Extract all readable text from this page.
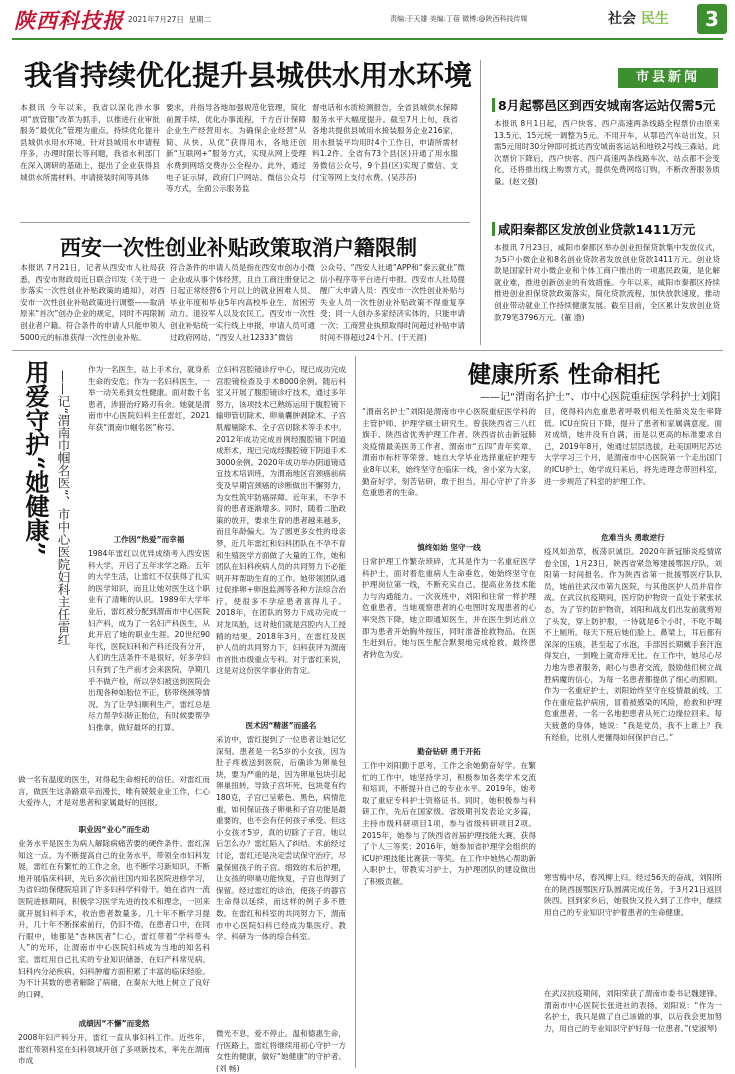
陕西科技报 2021年7月27日 星期二	责编:于天雄 美编:丁蓓 微博:@陕西科技传媒	社会 民生	3
我省持续优化提升县城供水用水环境
本报讯 今年以来，我省以深化涉水事项“放管服”改革为抓手，以推进行业审批服务“最优化”管理为重点，持续优化提升县城供水用水环境。针对县城用水申请程序多，办理时限长等问题，我省水利部门在深入调研的基础上，提出了企业获得县城供水所需材料、申请接装时间等具体
要求，并指导各地加强规范化管理，简化前置手续，优化办事流程，千方百计保障企业生产经营用水。为确保企业经营“从简、从快、从优”获得用水，各地还创新“互联网+”服务方式，实现从网上受理水费到网络交费办公全程办。此外，通过电子证示屏，政府门户网站、微信公众号等方式，全面公示服务监
督电话和水质检测报告，全省县城供水保障服务水平大幅度提升。截至7月上旬，我省各地共提供县城用水接装服务企业216家，用水报装平均用时4个工作日，申请所需材料1.2件。全省有73个县(区)开通了用水服务微信公众号，9个县(区)实现了微信、支付宝等网上支付水费。(吴莎莎)
市县新闻
8月起鄠邑区到西安城南客运站仅需5元
本报讯 8月1日起，西户快客、西户高速两条线路全程票价由原来13.5元、15元统一调整为5元。不用开车，从鄠邑汽车站出发，只需5元用时30分钟即可抵达西安城南客运站和地铁2号线三森站。此次票价下降后，西户快客、西户高速两条线路车次、站点都不会变化，还将推出线上购票方式，提供免费网络订购，不断改善服务质量。(赵文强)
咸阳秦都区发放创业贷款1411万元
本报讯 7月23日，咸阳市秦都区举办创业担保贷款集中发放仪式，为5户小微企业和8名创业贷款者发放创业贷款1411万元。创业贷款是国家针对小微企业和个体工商户推出的一项惠民政策，是化解就业难，推进创新创业的有效措施。今年以来，咸阳市秦都区持续推进创业担保贷款政策落实，简化贷款流程，加快放款速度，推动创业带动就业工作持续健康发展。截至目前，全区累计发放创业贷款79笔3796万元。(董 渤)
西安一次性创业补贴政策取消户籍限制
本报讯 7月21日，记者从西安市人社局获悉，西安市财政局近日联合印发《关于进一步落实一次性创业补贴政策的通知》，对西安市一次性创业补贴政策进行调整——取消原来“首次”创办企业的规定，同时不再限制创业者户籍。符合条件的申请人只能申领人5000元的标准获得一次性创业补贴。
符合条件的申请人员是指在西安市创办小微企业或从事个体经营，且自工商注册登记之日起正常经营6个月以上的就业困难人员、毕业年度和毕业5年内高校毕业生、贫困劳动力、退役军人以及农民工。西安市一次性创业补贴统一实行线上申报，申请人员可通过政府网站、“西安人社12333”微信
公众号、“西安人社通”APP和“秦云就业”微信小程序等平台进行申报。西安市人社局提醒广大申请人员：西安市一次性创业补贴与失业人员一次性创业补贴政策不得重复享受；同一人创办多家经济实体的，只能申请一次；工商营业执照取得时间超过补贴申请时间不得超过24个月。(于天涯)
用爱守护“她健康” ——记“渭南巾帼名医”、市中心医院妇科主任雷红
作为一名医生，站上手术台，就身系生命的安危；作为一名妇科医生，一举一动关系到女性健康。面对数千名患者，涉猎治疗路刃有余。她就是渭南市中心医院妇科主任雷红，2021年获“渭南巾帼名医”称号。
工作因“热爱”而幸福
1984年雷红以优异成绩考入西安医科大学，开启了五年求学之路。五年的大学生活，让雷红不仅获得了扎实的医学知识，而且让她对医生这个职业有了清晰的认识。1989年大学毕业后，雷红被分配到渭南市中心医院妇产科，成为了一名妇产科医生，从此开启了她的职业生涯。20世纪90年代，医院妇科和产科还没有分开，人们的生活条件不是很好，好多孕妇只有到了生产前才会来医院，孕期几乎不做产检，所以孕妇被送到医院会出现各种如胎位不正，脐带绕颈等情况。为了让孕妇顺利生产，雷红总是尽力帮孕妇矫正胎位，有时候要帮孕妇推拿，做好最坏的打算。
做一名有温度的医生，对得起生命相托的信任。对雷红而言，做医生这条路艰辛而漫长，唯有兢兢业业工作，仁心大爱待人，才是对患者和家属最好的回报。
职业因“业心”而生动
业务水平是医生为病人解除病痛苦要的硬件条件。雷红深知这一点。为不断提高自己的业务水平，带领全市妇科发展，雷红在有繁忙的工作之余，也不断学习新知识，不断地开展临床科研，先后多次前往国内知名医院进修学习，为省妇幼保健院培训了许多妇科学科骨干。她在省内一流医院进修期间，积极学习医学先进的技术和理念，一回来就开展妇科手术，收治患者数量多。几十年不断学习提升，几十年不断探索前行，仍旧不倦，在患者口中，在同行眼中，她都是“杏林医者”仁心，雷红带着“学科带头人”的光环，让渭南市中心医院妇科成为当地的知名科室。雷红用自己扎实的专业知识储备，在妇产科常见病、妇科内分泌疾病、妇科肿瘤方面积累了丰富的临床经验。为不计其数的患者解除了病痛，在秦东大地上树立了良好的口碑。
成绩因“不懈”而斐然
2008年妇产科分开，雷红一直从事妇科工作。近些年，雷红带领科室在妇科领域开创了多项新技术，率先在渭南市成
立妇科宫腔镜诊疗中心，现已成功完成宫腔镜检查及手术8000余例。随后科室又开展了腹腔镜诊疗技术，通过多年努力，该项技术已熟练运用于腹腔镜下输卵管切除术、卵巢囊肿剥除术、子宫肌瘤剔除术、全子宫切除术等手术中。2012年成功完成首例经腹腔镜下阴道成形术，现已完成经腹腔镜下阴道手术3000余例。2020年成功举办阴道镜适宜技术培训班，为渭南地区宫颈癌前病变及早期宫颈癌的诊断做出不懈努力，为女性筑牢防癌屏障。近年来，不孕不育的患者逐渐增多。同时，随着二胎政策的放开，要求生育的患者越来越多，而且年龄偏大。为了圆更多女性的母亲梦，近几年雷红和妇科团队在不孕不育和生殖医学方面做了大量的工作，她和团队在妇科疾病人员的共同努力下必能明开拜帮助生育的工作。她带领团队通过促排卵+卵泡监测等各种方法综合治疗，使很多不孕症患者喜得儿子。2018年，在团队的努力下成功完成一对龙凤胎，这对他们就是宫腔内人工授精的结果。2018年3月，在雷红及医护人员的共同努力下，妇科获评为渭南市首批市级重点专科。对于雷红来说，这是对这份医学事业的肯定。
医术因“精湛”而盛名
采访中，雷红提到了一位患者让她记忆深刻。患者是一名5岁的小女孩，因为肚子疼被送到医院，后确诊为卵巢包块，要为严重的是，因为卵巢包块引起卵巢扭转，导致子宫坏死，包块竟有约180克，子宫已呈紫色、黑色，病情危重，如何保证孩子卵巢和子宫功能是最重要的，也不会有任何孩子承受。但这小女孩才5岁，真的切除了子宫，她以后怎么办？雷红陷入了纠结。术前经过讨论，雷红还是决定尝试保守治疗，尽量保留孩子的子宫。细致的术后护理，让女孩的卵巢功能恢复，子宫也得到了保留。经过雷红的诊治，使孩子的器官生命得以延续，而这样的例子多不胜数。在雷红和科室的共同努力下，渭南市中心医院妇科已经成为集医疗、教学、科研为一体的综合科室。
微光不息，爱不停止。温和德惠生命，行医路上，雷红将继续用初心守护一方女性的健康，做好“她健康”的守护者。(刘 畅)
健康所系 性命相托
——记“渭南名护士”、市中心医院重症医学科护士刘阳
“渭南名护士”刘阳是渭南市中心医院重症医学科的主管护师、护理学硕士研究生。曾获陕西省三八红旗手、陕西省优秀护理工作者、陕西省抗击新冠肺炎疫情最美医务工作者、渭南市“五四”青年奖章、渭南市标杆等荣誉。她自大学毕业选择重症护理专业8年以来，始终坚守在临床一线，舍小家为大家，勤奋好学，刻苦钻研，敢于担当，用心守护了许多危重患者的生命。
慎终如始 坚守一线
日常护理工作繁杂琐碎，尤其是作为一名重症医学科护士，面对着危重病人生命垂危，她始终坚守在护理岗位第一线，不断充实自己，提高业务技术能力与沟通能力。一次夜班中，刘阳和往常一样护理危重患者，当她观察患者的心电图时发现患者的心率突然下降，她立即通知医生，并在医生到达前立即为患者开始胸外按压，同时准备抢救物品。在医生赶到后，她与医生配合默契地完成抢救，最终患者转危为安。
勤奋钻研 勇于开拓
工作中刘阳勤于思考，工作之余她勤奋好学。在繁忙的工作中，她坚持学习，积极参加各类学术交流和培训，不断提升自己的专业水平。2019年，她考取了重症专科护士资格证书。同时，她积极参与科研工作，先后在国家级、省级期刊发表论文多篇，主持市级科研项目1项，参与省级科研项目2项。2015年，她参与了陕西省首届护理技能大赛，获得了个人三等奖；2016年，她参加省护理学会组织的ICU护理技能比赛获一等奖。在工作中她热心帮助新入职护士，带教实习护士，为护理团队的建设做出了积极贡献。
目，使得科内危重患者呼吸机相关性肺炎发生率降低。ICU在院日下降，提升了患者和家属满意度。面对成绩，她并没有自满，而是以更高的标准要求自己，2019年8月，她通过层层选拔，赴美国明尼苏达大学学习三个月，是渭南市中心医院第一个走出国门的ICU护士，她学成归来后，将先进理念带回科室，进一步规范了科室的护理工作。
危难当头 勇敢逆行
疫风如劲草，板荡识诚臣。2020年新冠肺炎疫情席卷全国，1月23日，陕西省紧急筹建援鄂医疗队，刘阳第一时间报名。作为陕西省第一批援鄂医疗队队员，她前往武汉市第九医院，与其他医护人员并肩作战。在武汉抗疫期间，医疗防护物资一直处于紧张状态，为了节约防护物资，刘阳和战友们出发前就剪短了头发，穿上防护服，一待就是6个小时，不吃不喝不上厕所。每天下班后她们脸上、鼻梁上，耳后都有深深的压痕，甚至起了水泡，手部因长期戴手套汗泡得发白，一到晚上就奇痒无比。在工作中，她尽心尽力地为患者服务，耐心与患者交流，鼓励他们树立战胜病魔的信心，为每一名患者都提供了细心的照顾。作为一名重症护士，刘阳始终坚守在疫情最前线，工作在重症监护病房，冒着被感染的风险，抢救和护理危重患者，一名一名地把患者从死亡边缘拉回来。每天疲惫的身体，她说：“我是党员，我不上谁上？我有经验，比别人更懂得如何保护自己。”
寒雪梅中尽，春风柳上归。经过56天的奋战，刘阳所在的陕西援鄂医疗队圆满完成任务，于3月21日返回陕西。回到家乡后，她很快又投入到了工作中，继续用自己的专业知识守护着患者的生命健康。
在武汉抗疫期间，刘阳荣获了渭南市委书记魏建锋、渭南市中心医院长张进社的表扬，刘阳说：“作为一名护士，我只是做了自己该做的事，以后我会更加努力，用自己的专业知识守护好每一位患者。”(党淑琴)
